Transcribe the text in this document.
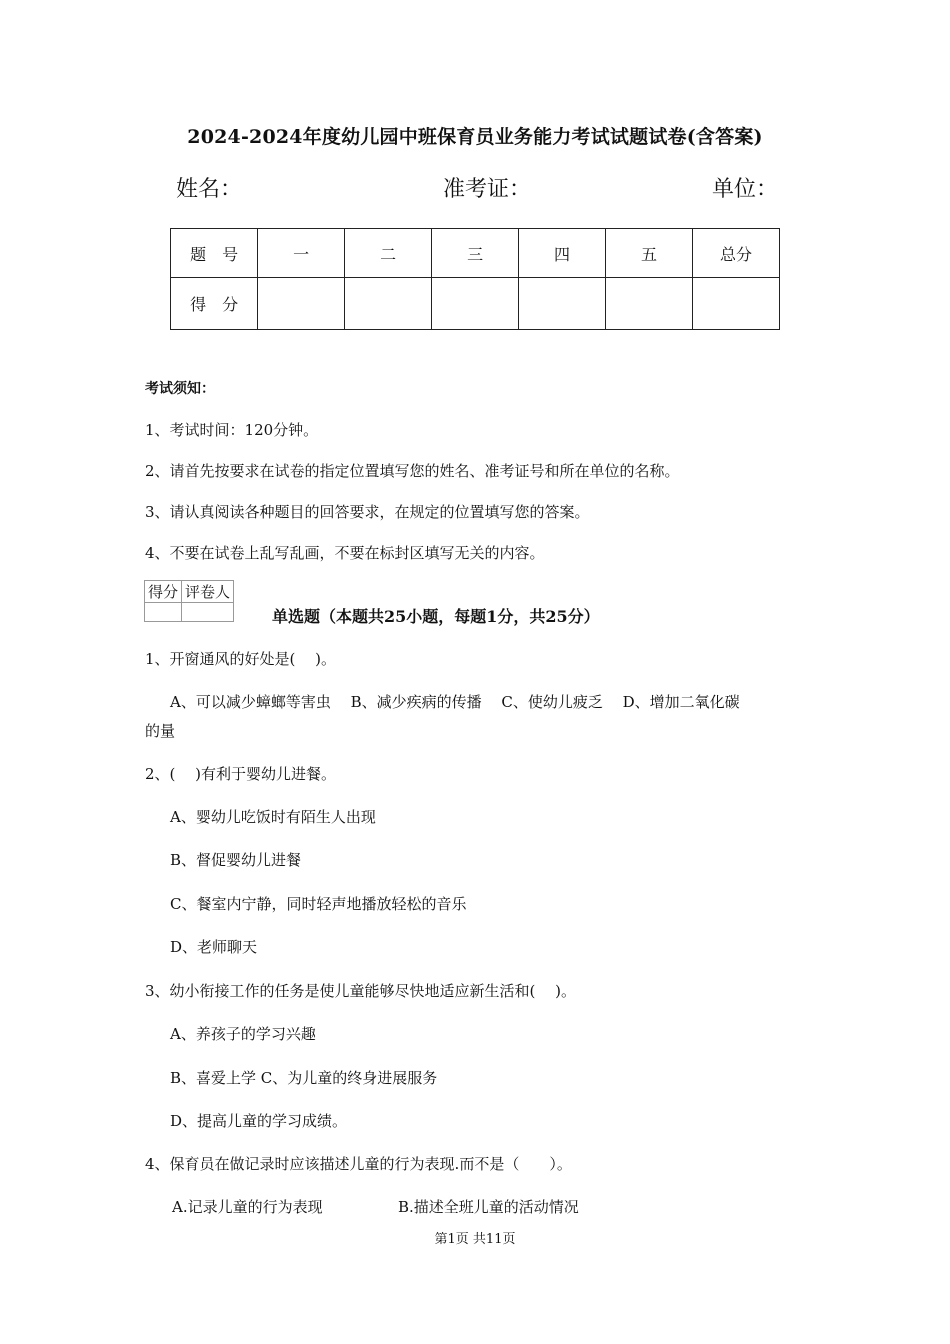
2024-2024年度幼儿园中班保育员业务能力考试试题试卷(含答案)
姓名：	准考证：	单位：
题　号	一	二	三	四	五	总分
得　分						
考试须知：
1、考试时间：120分钟。
2、请首先按要求在试卷的指定位置填写您的姓名、准考证号和所在单位的名称。
3、请认真阅读各种题目的回答要求，在规定的位置填写您的答案。
4、不要在试卷上乱写乱画，不要在标封区填写无关的内容。
得分	评卷人

单选题（本题共25小题，每题1分，共25分）
1、开窗通风的好处是(　 )。
A、可以减少蟑螂等害虫　 B、减少疾病的传播　 C、使幼儿疲乏　 D、增加二氧化碳
的量
2、(　 )有利于婴幼儿进餐。
A、婴幼儿吃饭时有陌生人出现
B、督促婴幼儿进餐
C、餐室内宁静，同时轻声地播放轻松的音乐
D、老师聊天
3、幼小衔接工作的任务是使儿童能够尽快地适应新生活和(　 )。
A、养孩子的学习兴趣
B、喜爱上学 C、为儿童的终身进展服务
D、提高儿童的学习成绩。
4、保育员在做记录时应该描述儿童的行为表现.而不是（　　）。
A.记录儿童的行为表现	B.描述全班儿童的活动情况
第1页 共11页
